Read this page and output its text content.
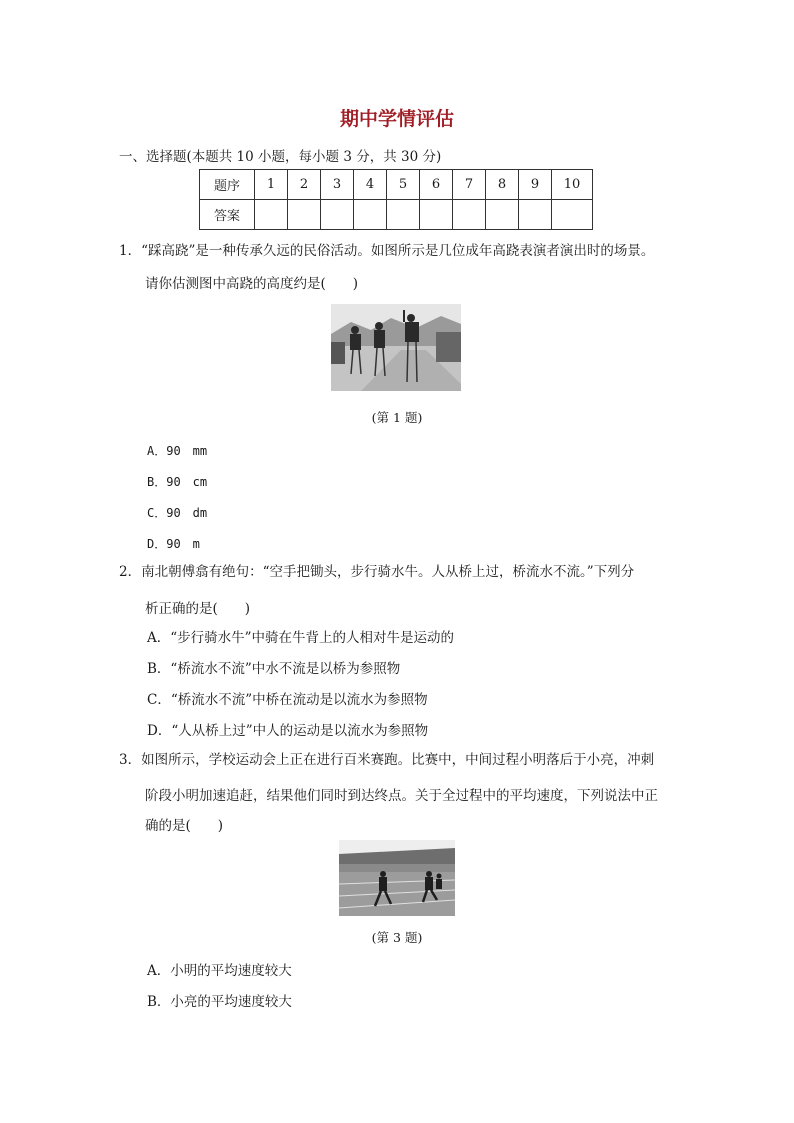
期中学情评估
一、选择题(本题共 10 小题，每小题 3 分，共 30 分)
题序	1	2	3	4	5	6	7	8	9	10
答案										
1．“踩高跷”是一种传承久远的民俗活动。如图所示是几位成年高跷表演者演出时的场景。
请你估测图中高跷的高度约是(　　)
(第 1 题)
A．90　mm
B．90　cm
C．90　dm
D．90　m
2．南北朝傅翕有绝句：“空手把锄头，步行骑水牛。人从桥上过，桥流水不流。”下列分
析正确的是(　　)
A．“步行骑水牛”中骑在牛背上的人相对牛是运动的
B．“桥流水不流”中水不流是以桥为参照物
C．“桥流水不流”中桥在流动是以流水为参照物
D．“人从桥上过”中人的运动是以流水为参照物
3．如图所示，学校运动会上正在进行百米赛跑。比赛中，中间过程小明落后于小亮，冲刺
阶段小明加速追赶，结果他们同时到达终点。关于全过程中的平均速度，下列说法中正
确的是(　　)
(第 3 题)
A．小明的平均速度较大
B．小亮的平均速度较大
